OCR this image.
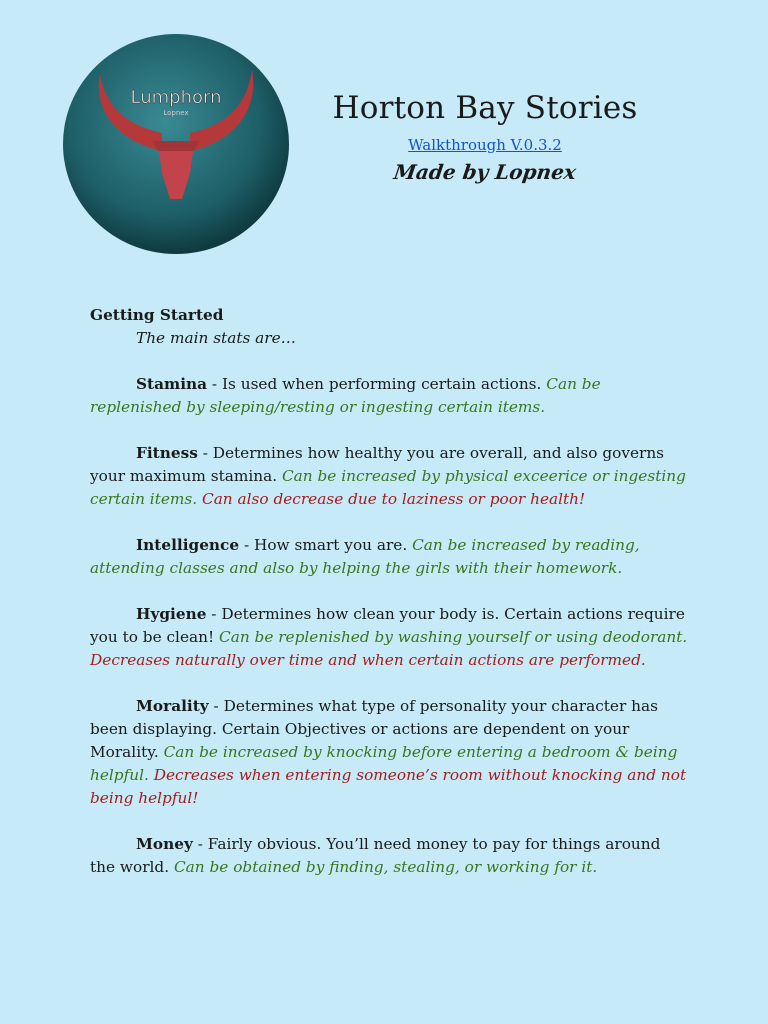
Lumphorn
Lopnex	Horton Bay Stories
Walkthrough V.0.3.2
Made by Lopnex
Getting Started
The main stats are…
Stamina - Is used when performing certain actions. Can be replenished by sleeping/resting or ingesting certain items.
Fitness - Determines how healthy you are overall, and also governs your maximum stamina. Can be increased by physical exceerice or ingesting certain items. Can also decrease due to laziness or poor health!
Intelligence - How smart you are. Can be increased by reading, attending classes and also by helping the girls with their homework.
Hygiene - Determines how clean your body is. Certain actions require you to be clean! Can be replenished by washing yourself or using deodorant. Decreases naturally over time and when certain actions are performed.
Morality - Determines what type of personality your character has been displaying. Certain Objectives or actions are dependent on your Morality. Can be increased by knocking before entering a bedroom & being helpful. Decreases when entering someone’s room without knocking and not being helpful!
Money - Fairly obvious. You’ll need money to pay for things around the world. Can be obtained by finding, stealing, or working for it.
